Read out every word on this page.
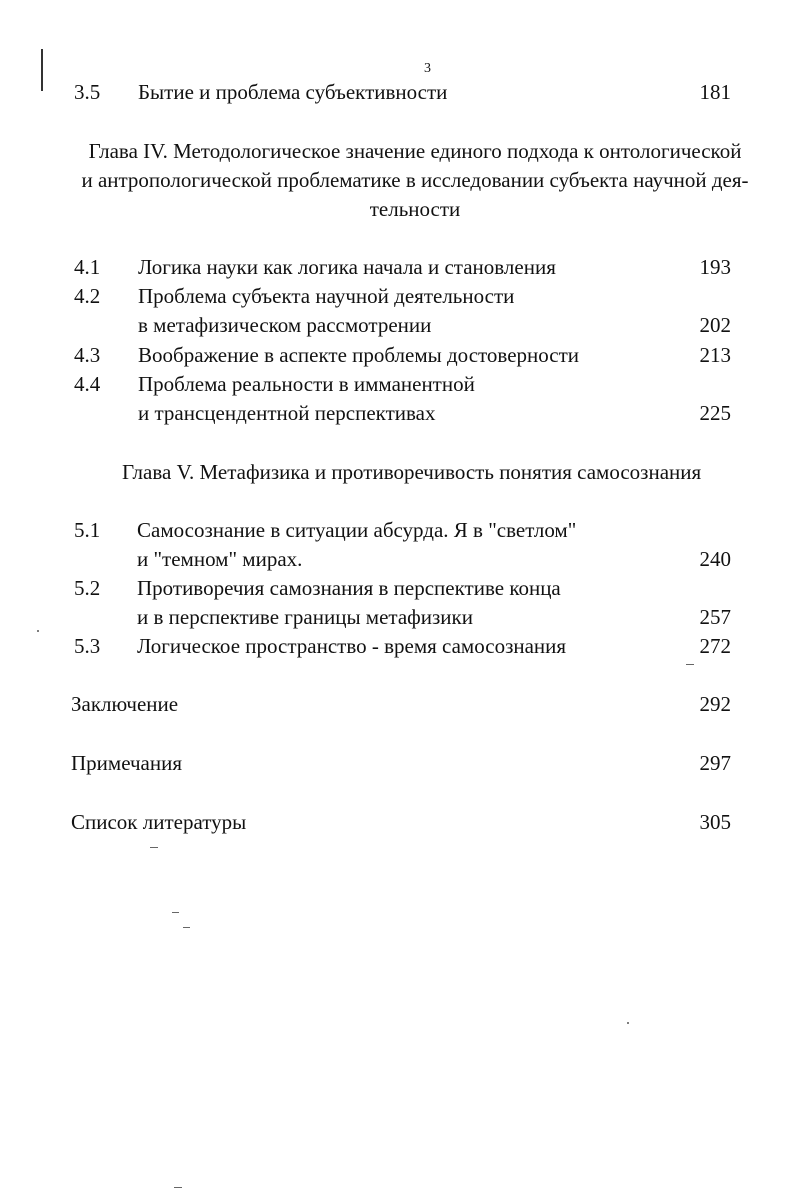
3
3.5 Бытие и проблема субъективности	181
Глава IV. Методологическое значение единого подхода к онтологической
и антропологической проблематике в исследовании субъекта научной дея-
тельности
4.1 Логика науки как логика начала и становления	193
4.2 Проблема субъекта научной деятельности
в метафизическом рассмотрении	202
4.3 Воображение в аспекте проблемы достоверности	213
4.4 Проблема реальности в имманентной
и трансцендентной перспективах	225
Глава V. Метафизика и противоречивость понятия самосознания
5.1 Самосознание в ситуации абсурда. Я в "светлом"
и "темном" мирах.	240
5.2 Противоречия самознания в перспективе конца
и в перспективе границы метафизики	257
5.3 Логическое пространство - время самосознания	272
Заключение	292
Примечания	297
Список литературы	305
